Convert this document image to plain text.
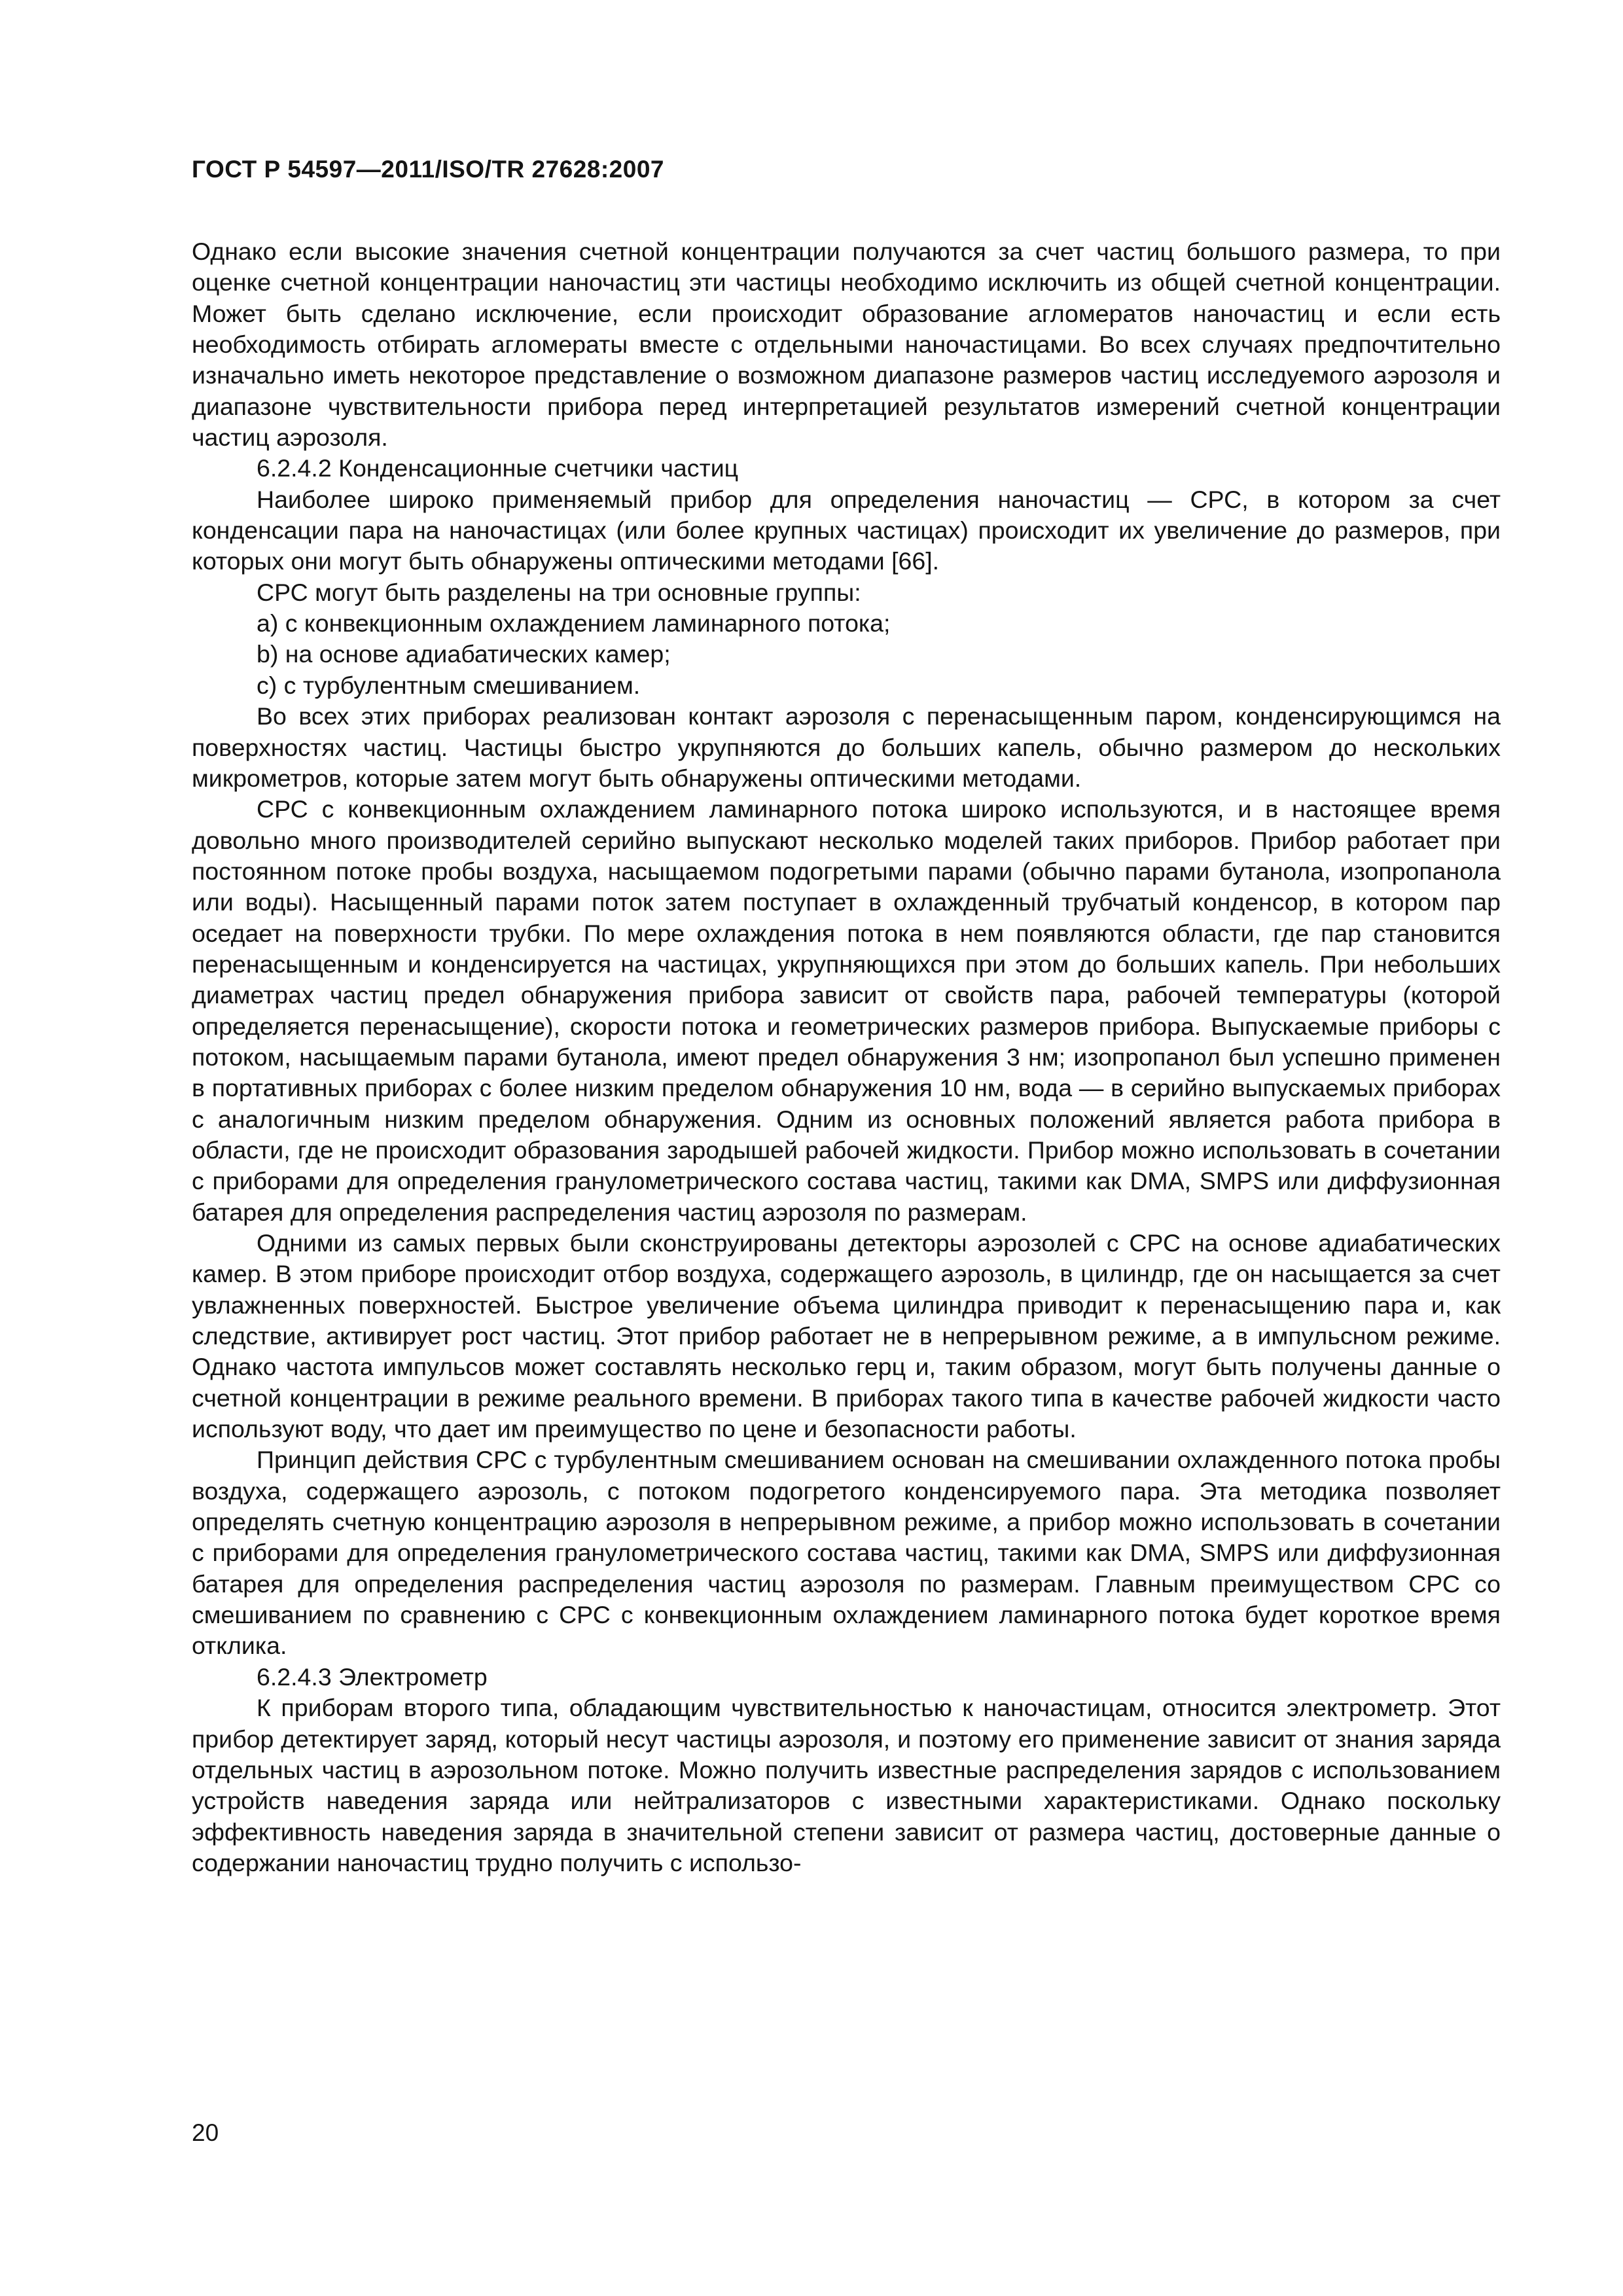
ГОСТ Р 54597—2011/ISO/TR 27628:2007

Однако если высокие значения счетной концентрации получаются за счет частиц большого размера, то при оценке счетной концентрации наночастиц эти частицы необходимо исключить из общей счетной концентрации. Может быть сделано исключение, если происходит образование агломератов наночастиц и если есть необходимость отбирать агломераты вместе с отдельными наночастицами. Во всех случаях предпочтительно изначально иметь некоторое представление о возможном диапазоне размеров частиц исследуемого аэрозоля и диапазоне чувствительности прибора перед интерпретацией результатов измерений счетной концентрации частиц аэрозоля.

6.2.4.2 Конденсационные счетчики частиц

Наиболее широко применяемый прибор для определения наночастиц — СРС, в котором за счет конденсации пара на наночастицах (или более крупных частицах) происходит их увеличение до размеров, при которых они могут быть обнаружены оптическими методами [66].

СРС могут быть разделены на три основные группы:

a) с конвекционным охлаждением ламинарного потока;

b) на основе адиабатических камер;

c) с турбулентным смешиванием.

Во всех этих приборах реализован контакт аэрозоля с перенасыщенным паром, конденсирующимся на поверхностях частиц. Частицы быстро укрупняются до больших капель, обычно размером до нескольких микрометров, которые затем могут быть обнаружены оптическими методами.

СРС с конвекционным охлаждением ламинарного потока широко используются, и в настоящее время довольно много производителей серийно выпускают несколько моделей таких приборов. Прибор работает при постоянном потоке пробы воздуха, насыщаемом подогретыми парами (обычно парами бутанола, изопропанола или воды). Насыщенный парами поток затем поступает в охлажденный трубчатый конденсор, в котором пар оседает на поверхности трубки. По мере охлаждения потока в нем появляются области, где пар становится перенасыщенным и конденсируется на частицах, укрупняющихся при этом до больших капель. При небольших диаметрах частиц предел обнаружения прибора зависит от свойств пара, рабочей температуры (которой определяется перенасыщение), скорости потока и геометрических размеров прибора. Выпускаемые приборы с потоком, насыщаемым парами бутанола, имеют предел обнаружения 3 нм; изопропанол был успешно применен в портативных приборах с более низким пределом обнаружения 10 нм, вода — в серийно выпускаемых приборах с аналогичным низким пределом обнаружения. Одним из основных положений является работа прибора в области, где не происходит образования зародышей рабочей жидкости. Прибор можно использовать в сочетании с приборами для определения гранулометрического состава частиц, такими как DMA, SMPS или диффузионная батарея для определения распределения частиц аэрозоля по размерам.

Одними из самых первых были сконструированы детекторы аэрозолей с СРС на основе адиабатических камер. В этом приборе происходит отбор воздуха, содержащего аэрозоль, в цилиндр, где он насыщается за счет увлажненных поверхностей. Быстрое увеличение объема цилиндра приводит к перенасыщению пара и, как следствие, активирует рост частиц. Этот прибор работает не в непрерывном режиме, а в импульсном режиме. Однако частота импульсов может составлять несколько герц и, таким образом, могут быть получены данные о счетной концентрации в режиме реального времени. В приборах такого типа в качестве рабочей жидкости часто используют воду, что дает им преимущество по цене и безопасности работы.

Принцип действия СРС с турбулентным смешиванием основан на смешивании охлажденного потока пробы воздуха, содержащего аэрозоль, с потоком подогретого конденсируемого пара. Эта методика позволяет определять счетную концентрацию аэрозоля в непрерывном режиме, а прибор можно использовать в сочетании с приборами для определения гранулометрического состава частиц, такими как DMA, SMPS или диффузионная батарея для определения распределения частиц аэрозоля по размерам. Главным преимуществом СРС со смешиванием по сравнению с СРС с конвекционным охлаждением ламинарного потока будет короткое время отклика.

6.2.4.3 Электрометр

К приборам второго типа, обладающим чувствительностью к наночастицам, относится электрометр. Этот прибор детектирует заряд, который несут частицы аэрозоля, и поэтому его применение зависит от знания заряда отдельных частиц в аэрозольном потоке. Можно получить известные распределения зарядов с использованием устройств наведения заряда или нейтрализаторов с известными характеристиками. Однако поскольку эффективность наведения заряда в значительной степени зависит от размера частиц, достоверные данные о содержании наночастиц трудно получить с использо-

20
